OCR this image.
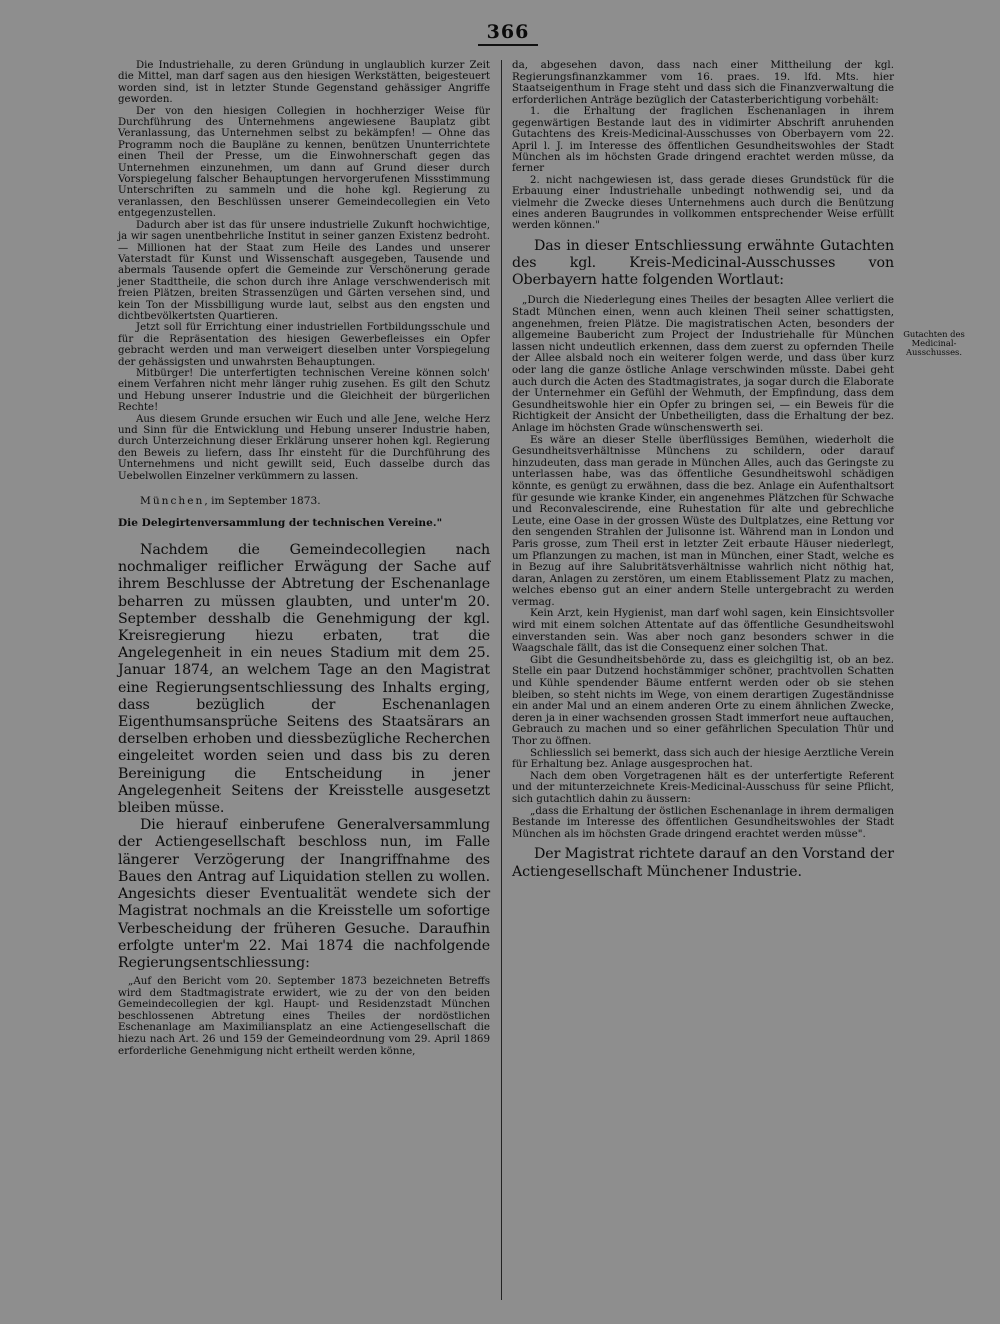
366

Die Industriehalle, zu deren Gründung in unglaublich kurzer Zeit die Mittel, man darf sagen aus den hiesigen Werkstätten, beigesteuert worden sind, ist in letzter Stunde Gegenstand gehässiger Angriffe geworden.

Der von den hiesigen Collegien in hochherziger Weise für Durchführung des Unternehmens angewiesene Bauplatz gibt Veranlassung, das Unternehmen selbst zu bekämpfen! — Ohne das Programm noch die Baupläne zu kennen, benützen Ununterrichtete einen Theil der Presse, um die Einwohnerschaft gegen das Unternehmen einzunehmen, um dann auf Grund dieser durch Vorspiegelung falscher Behauptungen hervorgerufenen Missstimmung Unterschriften zu sammeln und die hohe kgl. Regierung zu veranlassen, den Beschlüssen unserer Gemeindecollegien ein Veto entgegenzustellen.

Dadurch aber ist das für unsere industrielle Zukunft hochwichtige, ja wir sagen unentbehrliche Institut in seiner ganzen Existenz bedroht. — Millionen hat der Staat zum Heile des Landes und unserer Vaterstadt für Kunst und Wissenschaft ausgegeben, Tausende und abermals Tausende opfert die Gemeinde zur Verschönerung gerade jener Stadttheile, die schon durch ihre Anlage verschwenderisch mit freien Plätzen, breiten Strassenzügen und Gärten versehen sind, und kein Ton der Missbilligung wurde laut, selbst aus den engsten und dichtbevölkertsten Quartieren.

Jetzt soll für Errichtung einer industriellen Fortbildungsschule und für die Repräsentation des hiesigen Gewerbefleisses ein Opfer gebracht werden und man verweigert dieselben unter Vorspiegelung der gehässigsten und unwahrsten Behauptungen.

Mitbürger! Die unterfertigten technischen Vereine können solch' einem Verfahren nicht mehr länger ruhig zusehen. Es gilt den Schutz und Hebung unserer Industrie und die Gleichheit der bürgerlichen Rechte!

Aus diesem Grunde ersuchen wir Euch und alle Jene, welche Herz und Sinn für die Entwicklung und Hebung unserer Industrie haben, durch Unterzeichnung dieser Erklärung unserer hohen kgl. Regierung den Beweis zu liefern, dass Ihr einsteht für die Durchführung des Unternehmens und nicht gewillt seid, Euch dasselbe durch das Uebelwollen Einzelner verkümmern zu lassen.

München, im September 1873.

Die Delegirtenversammlung der technischen Vereine."

Nachdem die Gemeindecollegien nach nochmaliger reiflicher Erwägung der Sache auf ihrem Beschlusse der Abtretung der Eschenanlage beharren zu müssen glaubten, und unter'm 20. September desshalb die Genehmigung der kgl. Kreisregierung hiezu erbaten, trat die Angelegenheit in ein neues Stadium mit dem 25. Januar 1874, an welchem Tage an den Magistrat eine Regierungsentschliessung des Inhalts erging, dass bezüglich der Eschenanlagen Eigenthumsansprüche Seitens des Staatsärars an derselben erhoben und diessbezügliche Recherchen eingeleitet worden seien und dass bis zu deren Bereinigung die Entscheidung in jener Angelegenheit Seitens der Kreisstelle ausgesetzt bleiben müsse.

Die hierauf einberufene Generalversammlung der Actiengesellschaft beschloss nun, im Falle längerer Verzögerung der Inangriffnahme des Baues den Antrag auf Liquidation stellen zu wollen. Angesichts dieser Eventualität wendete sich der Magistrat nochmals an die Kreisstelle um sofortige Verbescheidung der früheren Gesuche. Daraufhin erfolgte unter'm 22. Mai 1874 die nachfolgende Regierungsentschliessung:

„Auf den Bericht vom 20. September 1873 bezeichneten Betreffs wird dem Stadtmagistrate erwidert, wie zu der von den beiden Gemeindecollegien der kgl. Haupt- und Residenzstadt München beschlossenen Abtretung eines Theiles der nordöstlichen Eschenanlage am Maximiliansplatz an eine Actiengesellschaft die hiezu nach Art. 26 und 159 der Gemeindeordnung vom 29. April 1869 erforderliche Genehmigung nicht ertheilt werden könne,

da, abgesehen davon, dass nach einer Mittheilung der kgl. Regierungsfinanzkammer vom 16. praes. 19. lfd. Mts. hier Staatseigenthum in Frage steht und dass sich die Finanzverwaltung die erforderlichen Anträge bezüglich der Catasterberichtigung vorbehält:

1. die Erhaltung der fraglichen Eschenanlagen in ihrem gegenwärtigen Bestande laut des in vidimirter Abschrift anruhenden Gutachtens des Kreis-Medicinal-Ausschusses von Oberbayern vom 22. April l. J. im Interesse des öffentlichen Gesundheitswohles der Stadt München als im höchsten Grade dringend erachtet werden müsse, da ferner

2. nicht nachgewiesen ist, dass gerade dieses Grundstück für die Erbauung einer Industriehalle unbedingt nothwendig sei, und da vielmehr die Zwecke dieses Unternehmens auch durch die Benützung eines anderen Baugrundes in vollkommen entsprechender Weise erfüllt werden können."

Das in dieser Entschliessung erwähnte Gutachten des kgl. Kreis-Medicinal-Ausschusses von Oberbayern hatte folgenden Wortlaut:

„Durch die Niederlegung eines Theiles der besagten Allee verliert die Stadt München einen, wenn auch kleinen Theil seiner schattigsten, angenehmen, freien Plätze. Die magistratischen Acten, besonders der allgemeine Baubericht zum Project der Industriehalle für München lassen nicht undeutlich erkennen, dass dem zuerst zu opfernden Theile der Allee alsbald noch ein weiterer folgen werde, und dass über kurz oder lang die ganze östliche Anlage verschwinden müsste. Dabei geht auch durch die Acten des Stadtmagistrates, ja sogar durch die Elaborate der Unternehmer ein Gefühl der Wehmuth, der Empfindung, dass dem Gesundheitswohle hier ein Opfer zu bringen sei, — ein Beweis für die Richtigkeit der Ansicht der Unbetheiligten, dass die Erhaltung der bez. Anlage im höchsten Grade wünschenswerth sei.

Es wäre an dieser Stelle überflüssiges Bemühen, wiederholt die Gesundheitsverhältnisse Münchens zu schildern, oder darauf hinzudeuten, dass man gerade in München Alles, auch das Geringste zu unterlassen habe, was das öffentliche Gesundheitswohl schädigen könnte, es genügt zu erwähnen, dass die bez. Anlage ein Aufenthaltsort für gesunde wie kranke Kinder, ein angenehmes Plätzchen für Schwache und Reconvalescirende, eine Ruhestation für alte und gebrechliche Leute, eine Oase in der grossen Wüste des Dultplatzes, eine Rettung vor den sengenden Strahlen der Julisonne ist. Während man in London und Paris grosse, zum Theil erst in letzter Zeit erbaute Häuser niederlegt, um Pflanzungen zu machen, ist man in München, einer Stadt, welche es in Bezug auf ihre Salubritätsverhältnisse wahrlich nicht nöthig hat, daran, Anlagen zu zerstören, um einem Etablissement Platz zu machen, welches ebenso gut an einer andern Stelle untergebracht zu werden vermag.

Kein Arzt, kein Hygienist, man darf wohl sagen, kein Einsichtsvoller wird mit einem solchen Attentate auf das öffentliche Gesundheitswohl einverstanden sein. Was aber noch ganz besonders schwer in die Waagschale fällt, das ist die Consequenz einer solchen That.

Gibt die Gesundheitsbehörde zu, dass es gleichgiltig ist, ob an bez. Stelle ein paar Dutzend hochstämmiger schöner, prachtvollen Schatten und Kühle spendender Bäume entfernt werden oder ob sie stehen bleiben, so steht nichts im Wege, von einem derartigen Zugeständnisse ein ander Mal und an einem anderen Orte zu einem ähnlichen Zwecke, deren ja in einer wachsenden grossen Stadt immerfort neue auftauchen, Gebrauch zu machen und so einer gefährlichen Speculation Thür und Thor zu öffnen.

Schliesslich sei bemerkt, dass sich auch der hiesige Aerztliche Verein für Erhaltung bez. Anlage ausgesprochen hat.

Nach dem oben Vorgetragenen hält es der unterfertigte Referent und der mitunterzeichnete Kreis-Medicinal-Ausschuss für seine Pflicht, sich gutachtlich dahin zu äussern:

„dass die Erhaltung der östlichen Eschenanlage in ihrem dermaligen Bestande im Interesse des öffentlichen Gesundheitswohles der Stadt München als im höchsten Grade dringend erachtet werden müsse".

Der Magistrat richtete darauf an den Vorstand der Actiengesellschaft Münchener Industrie.

Gutachten des Medicinal-Ausschusses.
